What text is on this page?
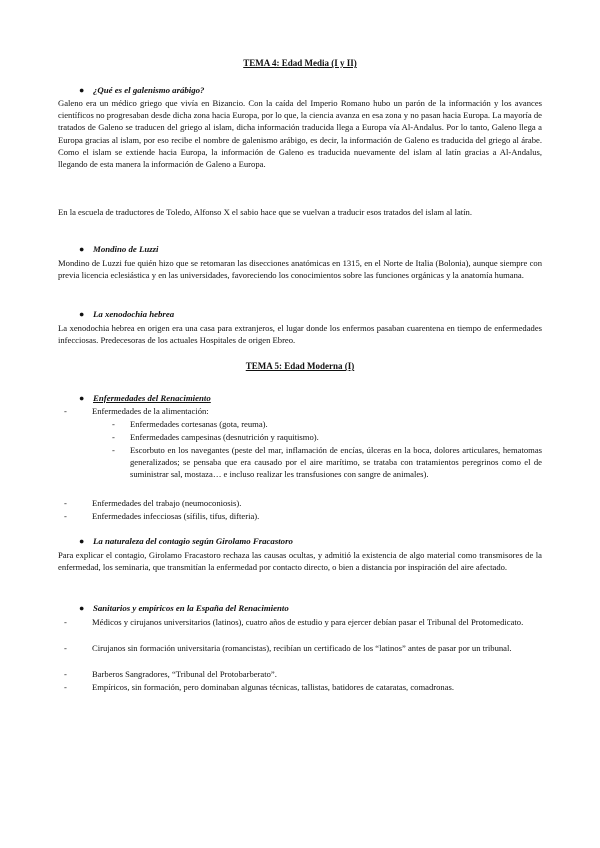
TEMA 4: Edad Media (I y II)
● ¿Qué es el galenismo arábigo?
Galeno era un médico griego que vivía en Bizancio. Con la caída del Imperio Romano hubo un parón de la información y los avances científicos no progresaban desde dicha zona hacia Europa, por lo que, la ciencia avanza en esa zona y no pasan hacia Europa. La mayoría de tratados de Galeno se traducen del griego al islam, dicha información traducida llega a Europa vía Al-Andalus. Por lo tanto, Galeno llega a Europa gracias al islam, por eso recibe el nombre de galenismo arábigo, es decir, la información de Galeno es traducida del griego al árabe. Como el islam se extiende hacia Europa, la información de Galeno es traducida nuevamente del islam al latín gracias a Al-Andalus, llegando de esta manera la información de Galeno a Europa.
En la escuela de traductores de Toledo, Alfonso X el sabio hace que se vuelvan a traducir esos tratados del islam al latín.
● Mondino de Luzzi
Mondino de Luzzi fue quién hizo que se retomaran las disecciones anatómicas en 1315, en el Norte de Italia (Bolonia), aunque siempre con previa licencia eclesiástica y en las universidades, favoreciendo los conocimientos sobre las funciones orgánicas y la anatomía humana.
● La xenodochia hebrea
La xenodochia hebrea en origen era una casa para extranjeros, el lugar donde los enfermos pasaban cuarentena en tiempo de enfermedades infecciosas. Predecesoras de los actuales Hospitales de origen Ebreo.
TEMA 5: Edad Moderna (I)
● Enfermedades del Renacimiento
-	Enfermedades de la alimentación:
- Enfermedades cortesanas (gota, reuma).
- Enfermedades campesinas (desnutrición y raquitismo).
- Escorbuto en los navegantes (peste del mar, inflamación de encías, úlceras en la boca, dolores articulares, hematomas generalizados; se pensaba que era causado por el aire marítimo, se trataba con tratamientos peregrinos como el de suministrar sal, mostaza… e incluso realizar les transfusiones con sangre de animales).
-	Enfermedades del trabajo (neumoconiosis).
-	Enfermedades infecciosas (sífilis, tifus, difteria).
● La naturaleza del contagio según Girolamo Fracastoro
Para explicar el contagio, Girolamo Fracastoro rechaza las causas ocultas, y admitió la existencia de algo material como transmisores de la enfermedad, los seminaria, que transmitían la enfermedad por contacto directo, o bien a distancia por inspiración del aire afectado.
● Sanitarios y empíricos en la España del Renacimiento
-	Médicos y cirujanos universitarios (latinos), cuatro años de estudio y para ejercer debían pasar el Tribunal del Protomedicato.
-	Cirujanos sin formación universitaria (romancistas), recibían un certificado de los “latinos” antes de pasar por un tribunal.
-	Barberos Sangradores, “Tribunal del Protobarberato”.
-	Empíricos, sin formación, pero dominaban algunas técnicas, tallistas, batidores de cataratas, comadronas.
